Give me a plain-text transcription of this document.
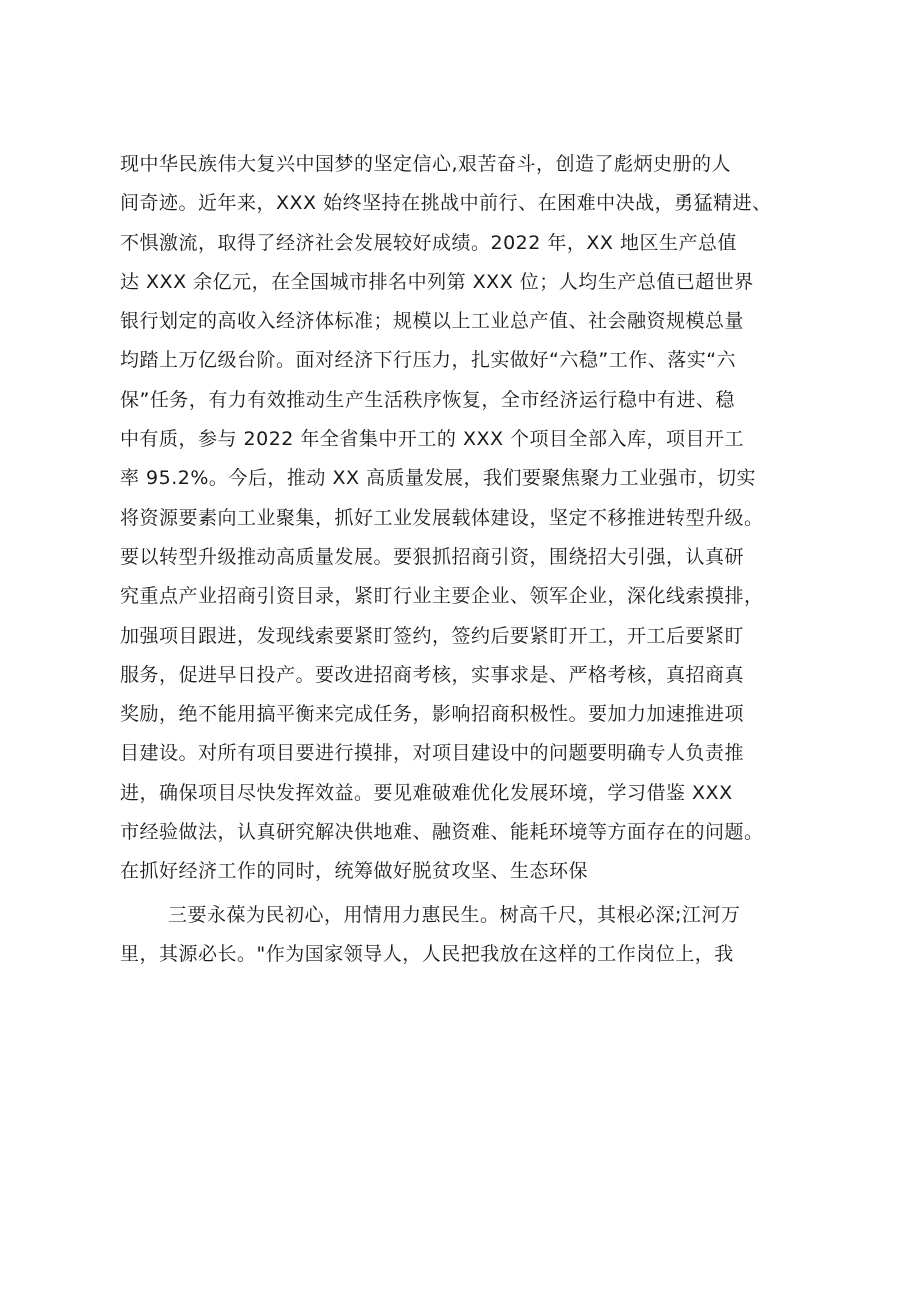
现中华民族伟大复兴中国梦的坚定信心,艰苦奋斗，创造了彪炳史册的人
间奇迹。近年来，XXX 始终坚持在挑战中前行、在困难中决战，勇猛精进、
不惧激流，取得了经济社会发展较好成绩。2022 年，XX 地区生产总值
达 XXX 余亿元，在全国城市排名中列第 XXX 位；人均生产总值已超世界
银行划定的高收入经济体标准；规模以上工业总产值、社会融资规模总量
均踏上万亿级台阶。面对经济下行压力，扎实做好“六稳”工作、落实“六
保”任务，有力有效推动生产生活秩序恢复，全市经济运行稳中有进、稳
中有质，参与 2022 年全省集中开工的 XXX 个项目全部入库，项目开工
率 95.2%。今后，推动 XX 高质量发展，我们要聚焦聚力工业强市，切实
将资源要素向工业聚集，抓好工业发展载体建设，坚定不移推进转型升级。
要以转型升级推动高质量发展。要狠抓招商引资，围绕招大引强，认真研
究重点产业招商引资目录，紧盯行业主要企业、领军企业，深化线索摸排，
加强项目跟进，发现线索要紧盯签约，签约后要紧盯开工，开工后要紧盯
服务，促进早日投产。要改进招商考核，实事求是、严格考核，真招商真
奖励，绝不能用搞平衡来完成任务，影响招商积极性。要加力加速推进项
目建设。对所有项目要进行摸排，对项目建设中的问题要明确专人负责推
进，确保项目尽快发挥效益。要见难破难优化发展环境，学习借鉴 XXX
市经验做法，认真研究解决供地难、融资难、能耗环境等方面存在的问题。
在抓好经济工作的同时，统筹做好脱贫攻坚、生态环保
三要永葆为民初心，用情用力惠民生。树高千尺，其根必深;江河万
里，其源必长。"作为国家领导人，人民把我放在这样的工作岗位上，我
